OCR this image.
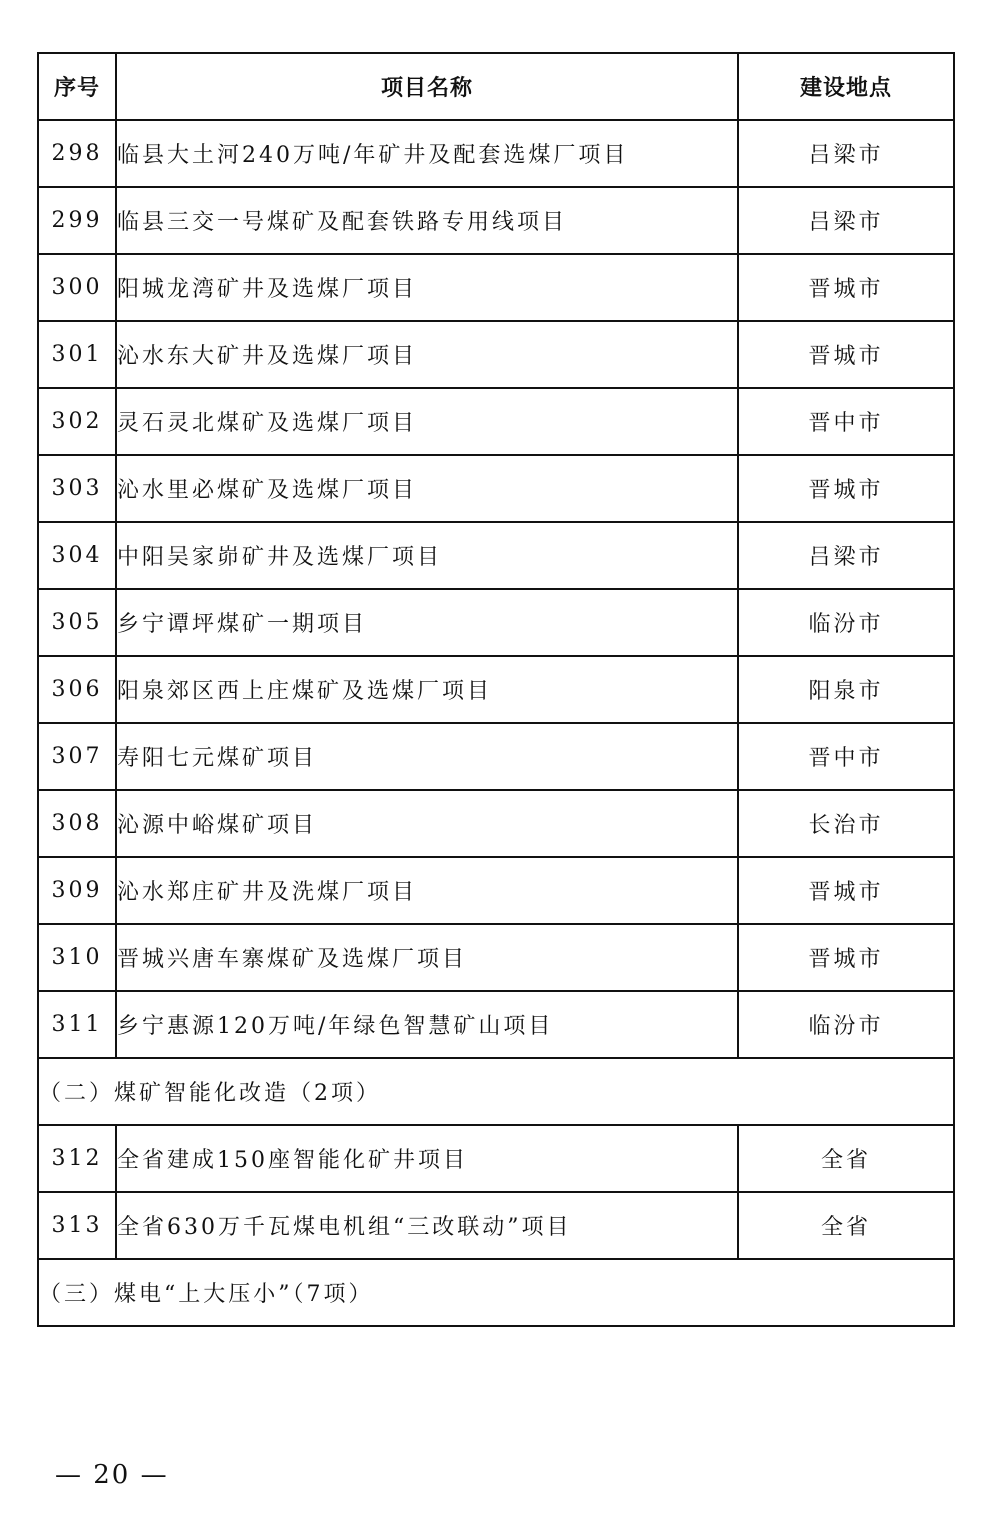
序号	项目名称	建设地点
298	临县大土河240万吨/年矿井及配套选煤厂项目	吕梁市
299	临县三交一号煤矿及配套铁路专用线项目	吕梁市
300	阳城龙湾矿井及选煤厂项目	晋城市
301	沁水东大矿井及选煤厂项目	晋城市
302	灵石灵北煤矿及选煤厂项目	晋中市
303	沁水里必煤矿及选煤厂项目	晋城市
304	中阳吴家峁矿井及选煤厂项目	吕梁市
305	乡宁谭坪煤矿一期项目	临汾市
306	阳泉郊区西上庄煤矿及选煤厂项目	阳泉市
307	寿阳七元煤矿项目	晋中市
308	沁源中峪煤矿项目	长治市
309	沁水郑庄矿井及洗煤厂项目	晋城市
310	晋城兴唐车寨煤矿及选煤厂项目	晋城市
311	乡宁惠源120万吨/年绿色智慧矿山项目	临汾市
（二）煤矿智能化改造（2项）		
312	全省建成150座智能化矿井项目	全省
313	全省630万千瓦煤电机组“三改联动”项目	全省
（三）煤电“上大压小”（7项）		
— 20 —
